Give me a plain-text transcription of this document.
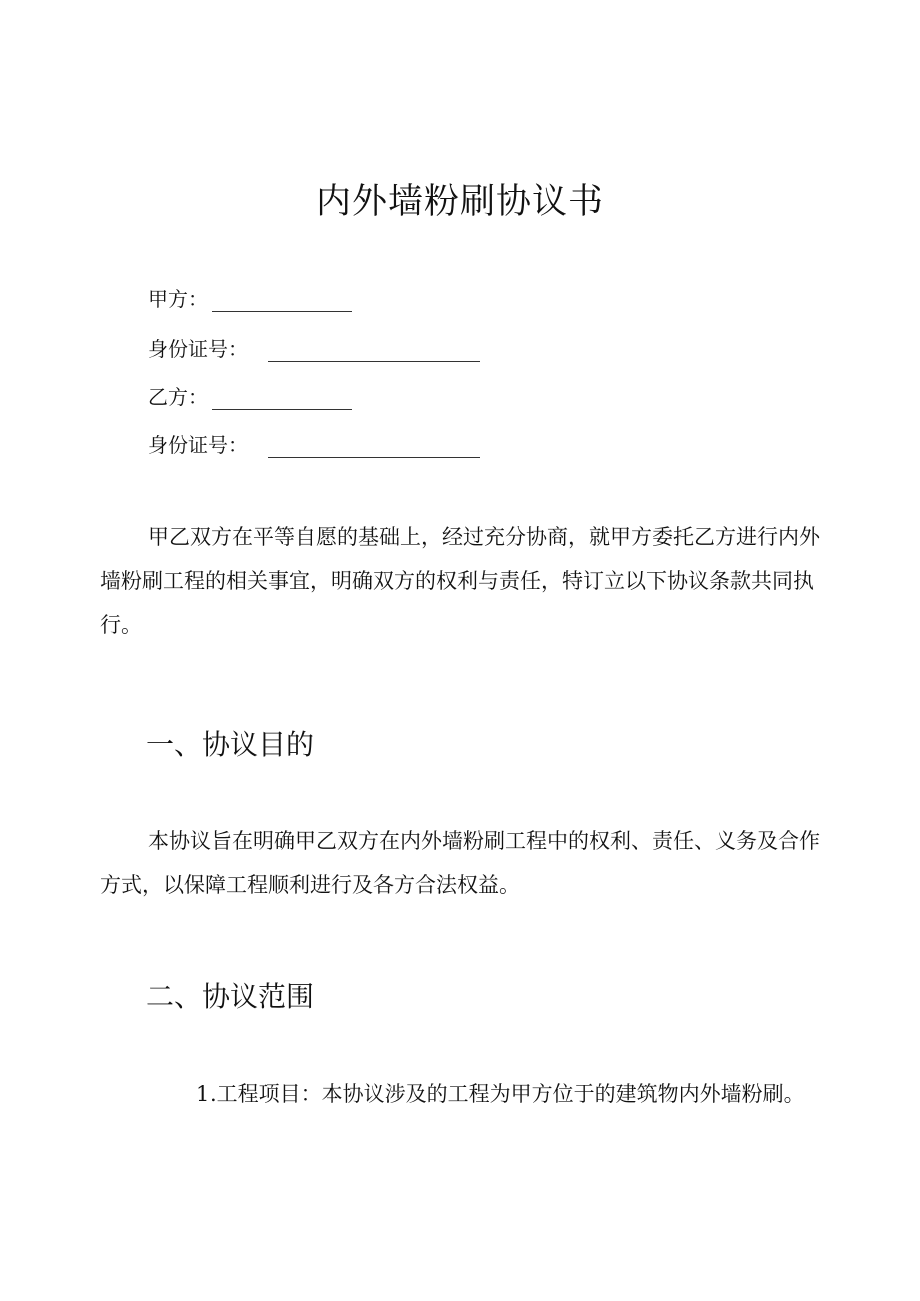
内外墙粉刷协议书
甲方：
身份证号：
乙方：
身份证号：

甲乙双方在平等自愿的基础上，经过充分协商，就甲方委托乙方进行内外墙粉刷工程的相关事宜，明确双方的权利与责任，特订立以下协议条款共同执行。

一、协议目的

本协议旨在明确甲乙双方在内外墙粉刷工程中的权利、责任、义务及合作方式，以保障工程顺利进行及各方合法权益。

二、协议范围

1.工程项目：本协议涉及的工程为甲方位于的建筑物内外墙粉刷。
